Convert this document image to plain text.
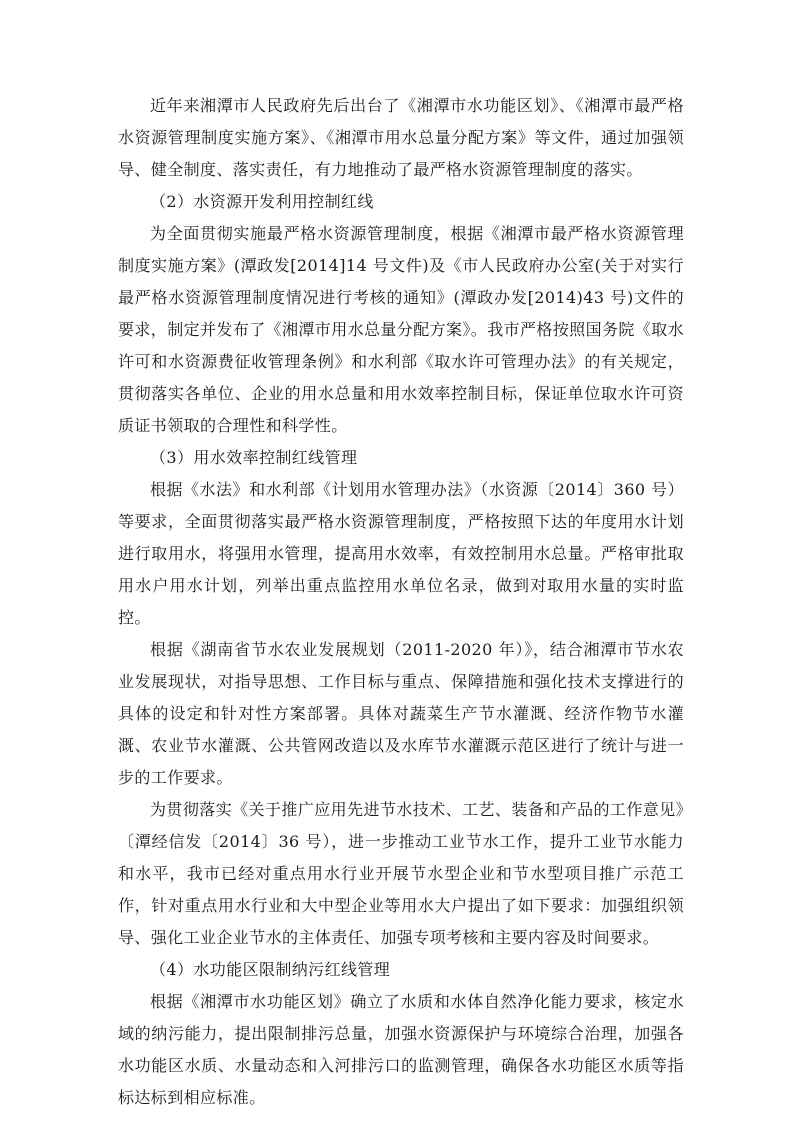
近年来湘潭市人民政府先后出台了《湘潭市水功能区划》、《湘潭市最严格水资源管理制度实施方案》、《湘潭市用水总量分配方案》等文件，通过加强领导、健全制度、落实责任，有力地推动了最严格水资源管理制度的落实。

（2）水资源开发利用控制红线

为全面贯彻实施最严格水资源管理制度，根据《湘潭市最严格水资源管理制度实施方案》(潭政发[2014]14 号文件)及《市人民政府办公室(关于对实行最严格水资源管理制度情况进行考核的通知》(潭政办发[2014)43 号)文件的要求，制定并发布了《湘潭市用水总量分配方案》。我市严格按照国务院《取水许可和水资源费征收管理条例》和水利部《取水许可管理办法》的有关规定，贯彻落实各单位、企业的用水总量和用水效率控制目标，保证单位取水许可资质证书领取的合理性和科学性。

（3）用水效率控制红线管理

根据《水法》和水利部《计划用水管理办法》（水资源〔2014〕360 号）等要求，全面贯彻落实最严格水资源管理制度，严格按照下达的年度用水计划进行取用水，将强用水管理，提高用水效率，有效控制用水总量。严格审批取用水户用水计划，列举出重点监控用水单位名录，做到对取用水量的实时监控。

根据《湖南省节水农业发展规划（2011-2020 年）》，结合湘潭市节水农业发展现状，对指导思想、工作目标与重点、保障措施和强化技术支撑进行的具体的设定和针对性方案部署。具体对蔬菜生产节水灌溉、经济作物节水灌溉、农业节水灌溉、公共管网改造以及水库节水灌溉示范区进行了统计与进一步的工作要求。

为贯彻落实《关于推广应用先进节水技术、工艺、装备和产品的工作意见》〔潭经信发〔2014〕36 号），进一步推动工业节水工作，提升工业节水能力和水平，我市已经对重点用水行业开展节水型企业和节水型项目推广示范工作，针对重点用水行业和大中型企业等用水大户提出了如下要求：加强组织领导、强化工业企业节水的主体责任、加强专项考核和主要内容及时间要求。

（4）水功能区限制纳污红线管理

根据《湘潭市水功能区划》确立了水质和水体自然净化能力要求，核定水域的纳污能力，提出限制排污总量，加强水资源保护与环境综合治理，加强各水功能区水质、水量动态和入河排污口的监测管理，确保各水功能区水质等指标达标到相应标准。
